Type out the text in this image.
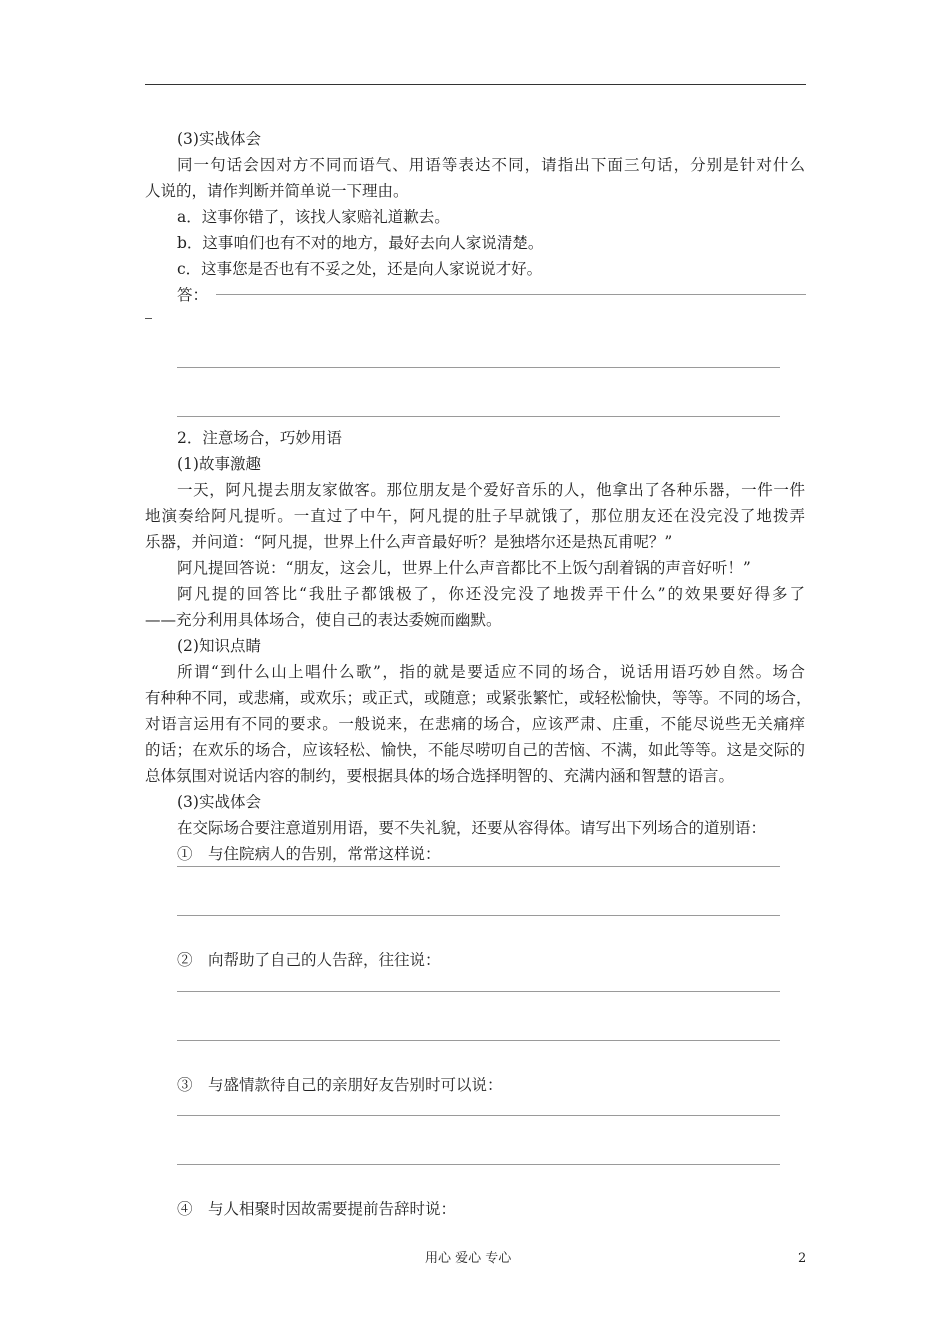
(3)实战体会
同一句话会因对方不同而语气、用语等表达不同，请指出下面三句话，分别是针对什么
人说的，请作判断并简单说一下理由。
a．这事你错了，该找人家赔礼道歉去。
b．这事咱们也有不对的地方，最好去向人家说清楚。
c．这事您是否也有不妥之处，还是向人家说说才好。
答：
2．注意场合，巧妙用语
(1)故事激趣
一天，阿凡提去朋友家做客。那位朋友是个爱好音乐的人，他拿出了各种乐器，一件一件
地演奏给阿凡提听。一直过了中午，阿凡提的肚子早就饿了，那位朋友还在没完没了地拨弄
乐器，并问道：“阿凡提，世界上什么声音最好听？是独塔尔还是热瓦甫呢？”
阿凡提回答说：“朋友，这会儿，世界上什么声音都比不上饭勺刮着锅的声音好听！”
阿凡提的回答比“我肚子都饿极了，你还没完没了地拨弄干什么”的效果要好得多了
——充分利用具体场合，使自己的表达委婉而幽默。
(2)知识点睛
所谓“到什么山上唱什么歌”，指的就是要适应不同的场合，说话用语巧妙自然。场合
有种种不同，或悲痛，或欢乐；或正式，或随意；或紧张繁忙，或轻松愉快，等等。不同的场合，
对语言运用有不同的要求。一般说来，在悲痛的场合，应该严肃、庄重，不能尽说些无关痛痒
的话；在欢乐的场合，应该轻松、愉快，不能尽唠叨自己的苦恼、不满，如此等等。这是交际的
总体氛围对说话内容的制约，要根据具体的场合选择明智的、充满内涵和智慧的语言。
(3)实战体会
在交际场合要注意道别用语，要不失礼貌，还要从容得体。请写出下列场合的道别语：
①　与住院病人的告别，常常这样说：
②　向帮助了自己的人告辞，往往说：
③　与盛情款待自己的亲朋好友告别时可以说：
④　与人相聚时因故需要提前告辞时说：
用心 爱心 专心	2
